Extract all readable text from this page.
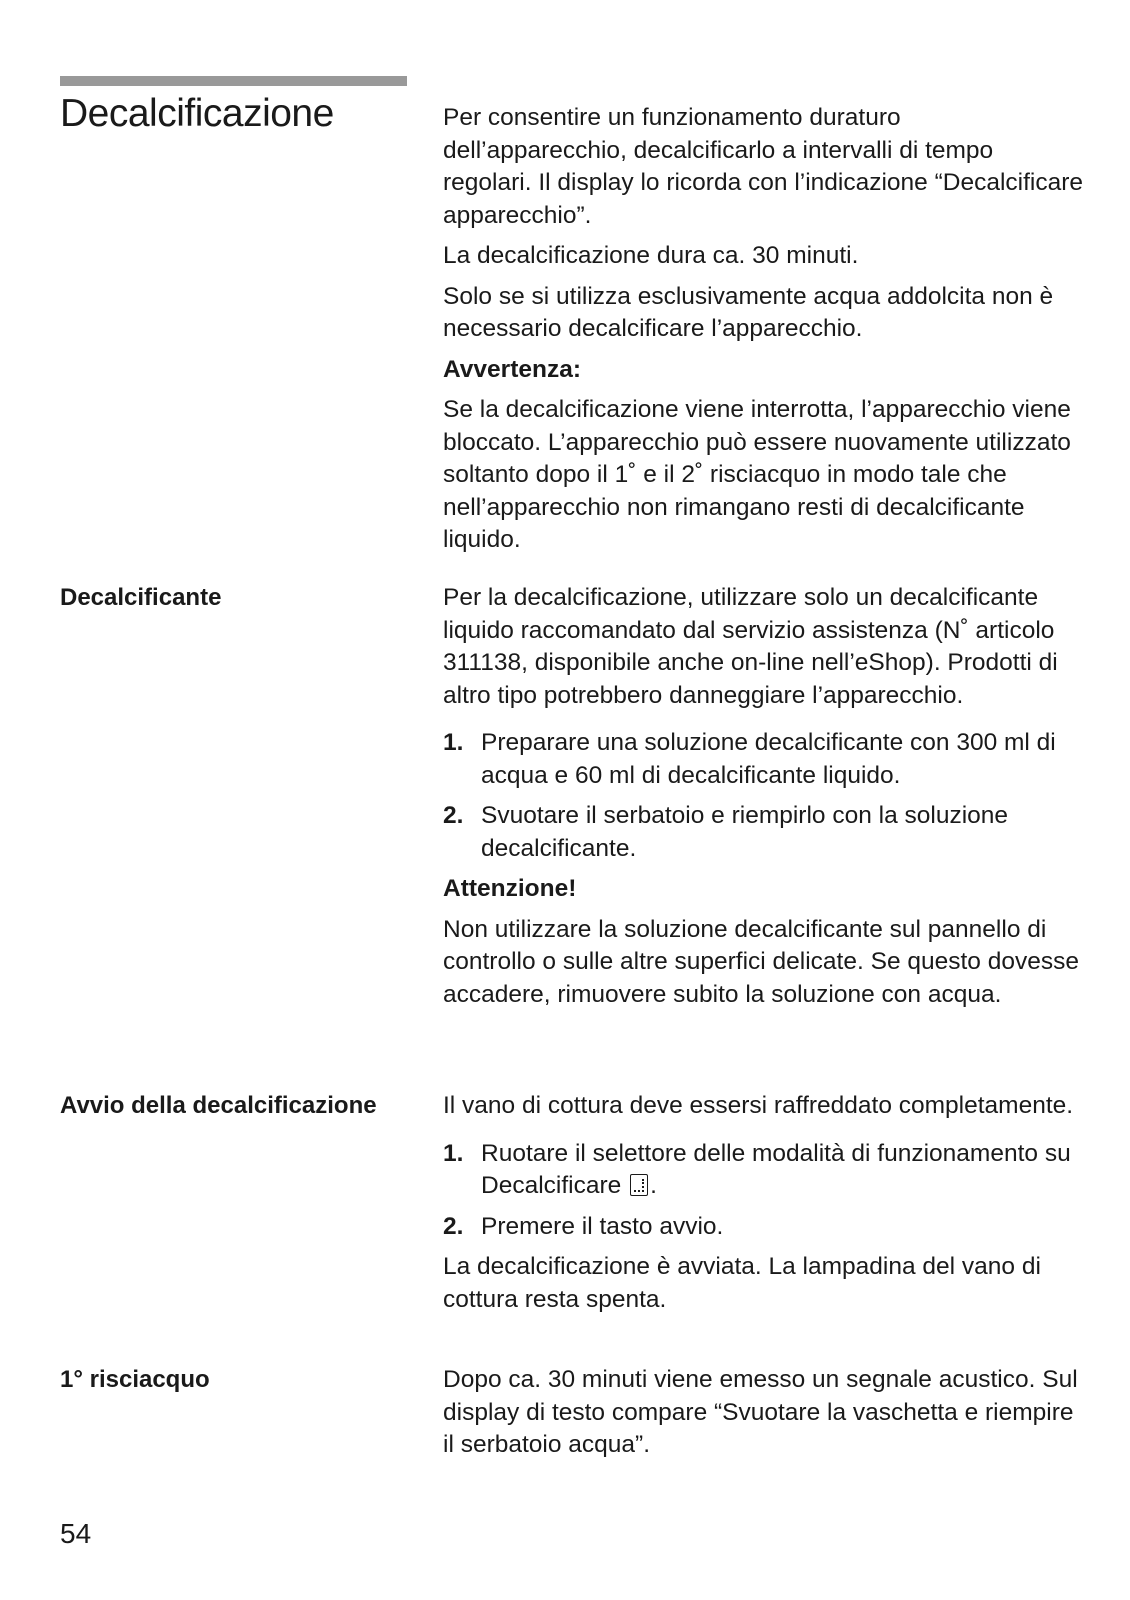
Decalcificazione	Per consentire un funzionamento duraturo dell’apparecchio, decalcificarlo a intervalli di tempo regolari. Il display lo ricorda con l’indicazione “Decalcificare apparecchio”.

La decalcificazione dura ca. 30 minuti.

Solo se si utilizza esclusivamente acqua addolcita non è necessario decalcificare l’apparecchio.

Avvertenza:

Se la decalcificazione viene interrotta, l’apparecchio viene bloccato. L’apparecchio può essere nuovamente utilizzato soltanto dopo il 1˚ e il 2˚ risciacquo in modo tale che nell’apparecchio non rimangano resti di decalcificante liquido.

Decalcificante	Per la decalcificazione, utilizzare solo un decalcificante liquido raccomandato dal servizio assistenza (N˚ articolo 311138, disponibile anche on-line nell’eShop). Prodotti di altro tipo potrebbero danneggiare l’apparecchio.

1. Preparare una soluzione decalcificante con 300 ml di acqua e 60 ml di decalcificante liquido.
2. Svuotare il serbatoio e riempirlo con la soluzione decalcificante.

Attenzione!

Non utilizzare la soluzione decalcificante sul pannello di controllo o sulle altre superfici delicate. Se questo dovesse accadere, rimuovere subito la soluzione con acqua.

Avvio della decalcificazione	Il vano di cottura deve essersi raffreddato completamente.

1. Ruotare il selettore delle modalità di funzionamento su Decalcificare .
2. Premere il tasto avvio.

La decalcificazione è avviata. La lampadina del vano di cottura resta spenta.

1° risciacquo	Dopo ca. 30 minuti viene emesso un segnale acustico. Sul display di testo compare “Svuotare la vaschetta e riempire il serbatoio acqua”.

54
